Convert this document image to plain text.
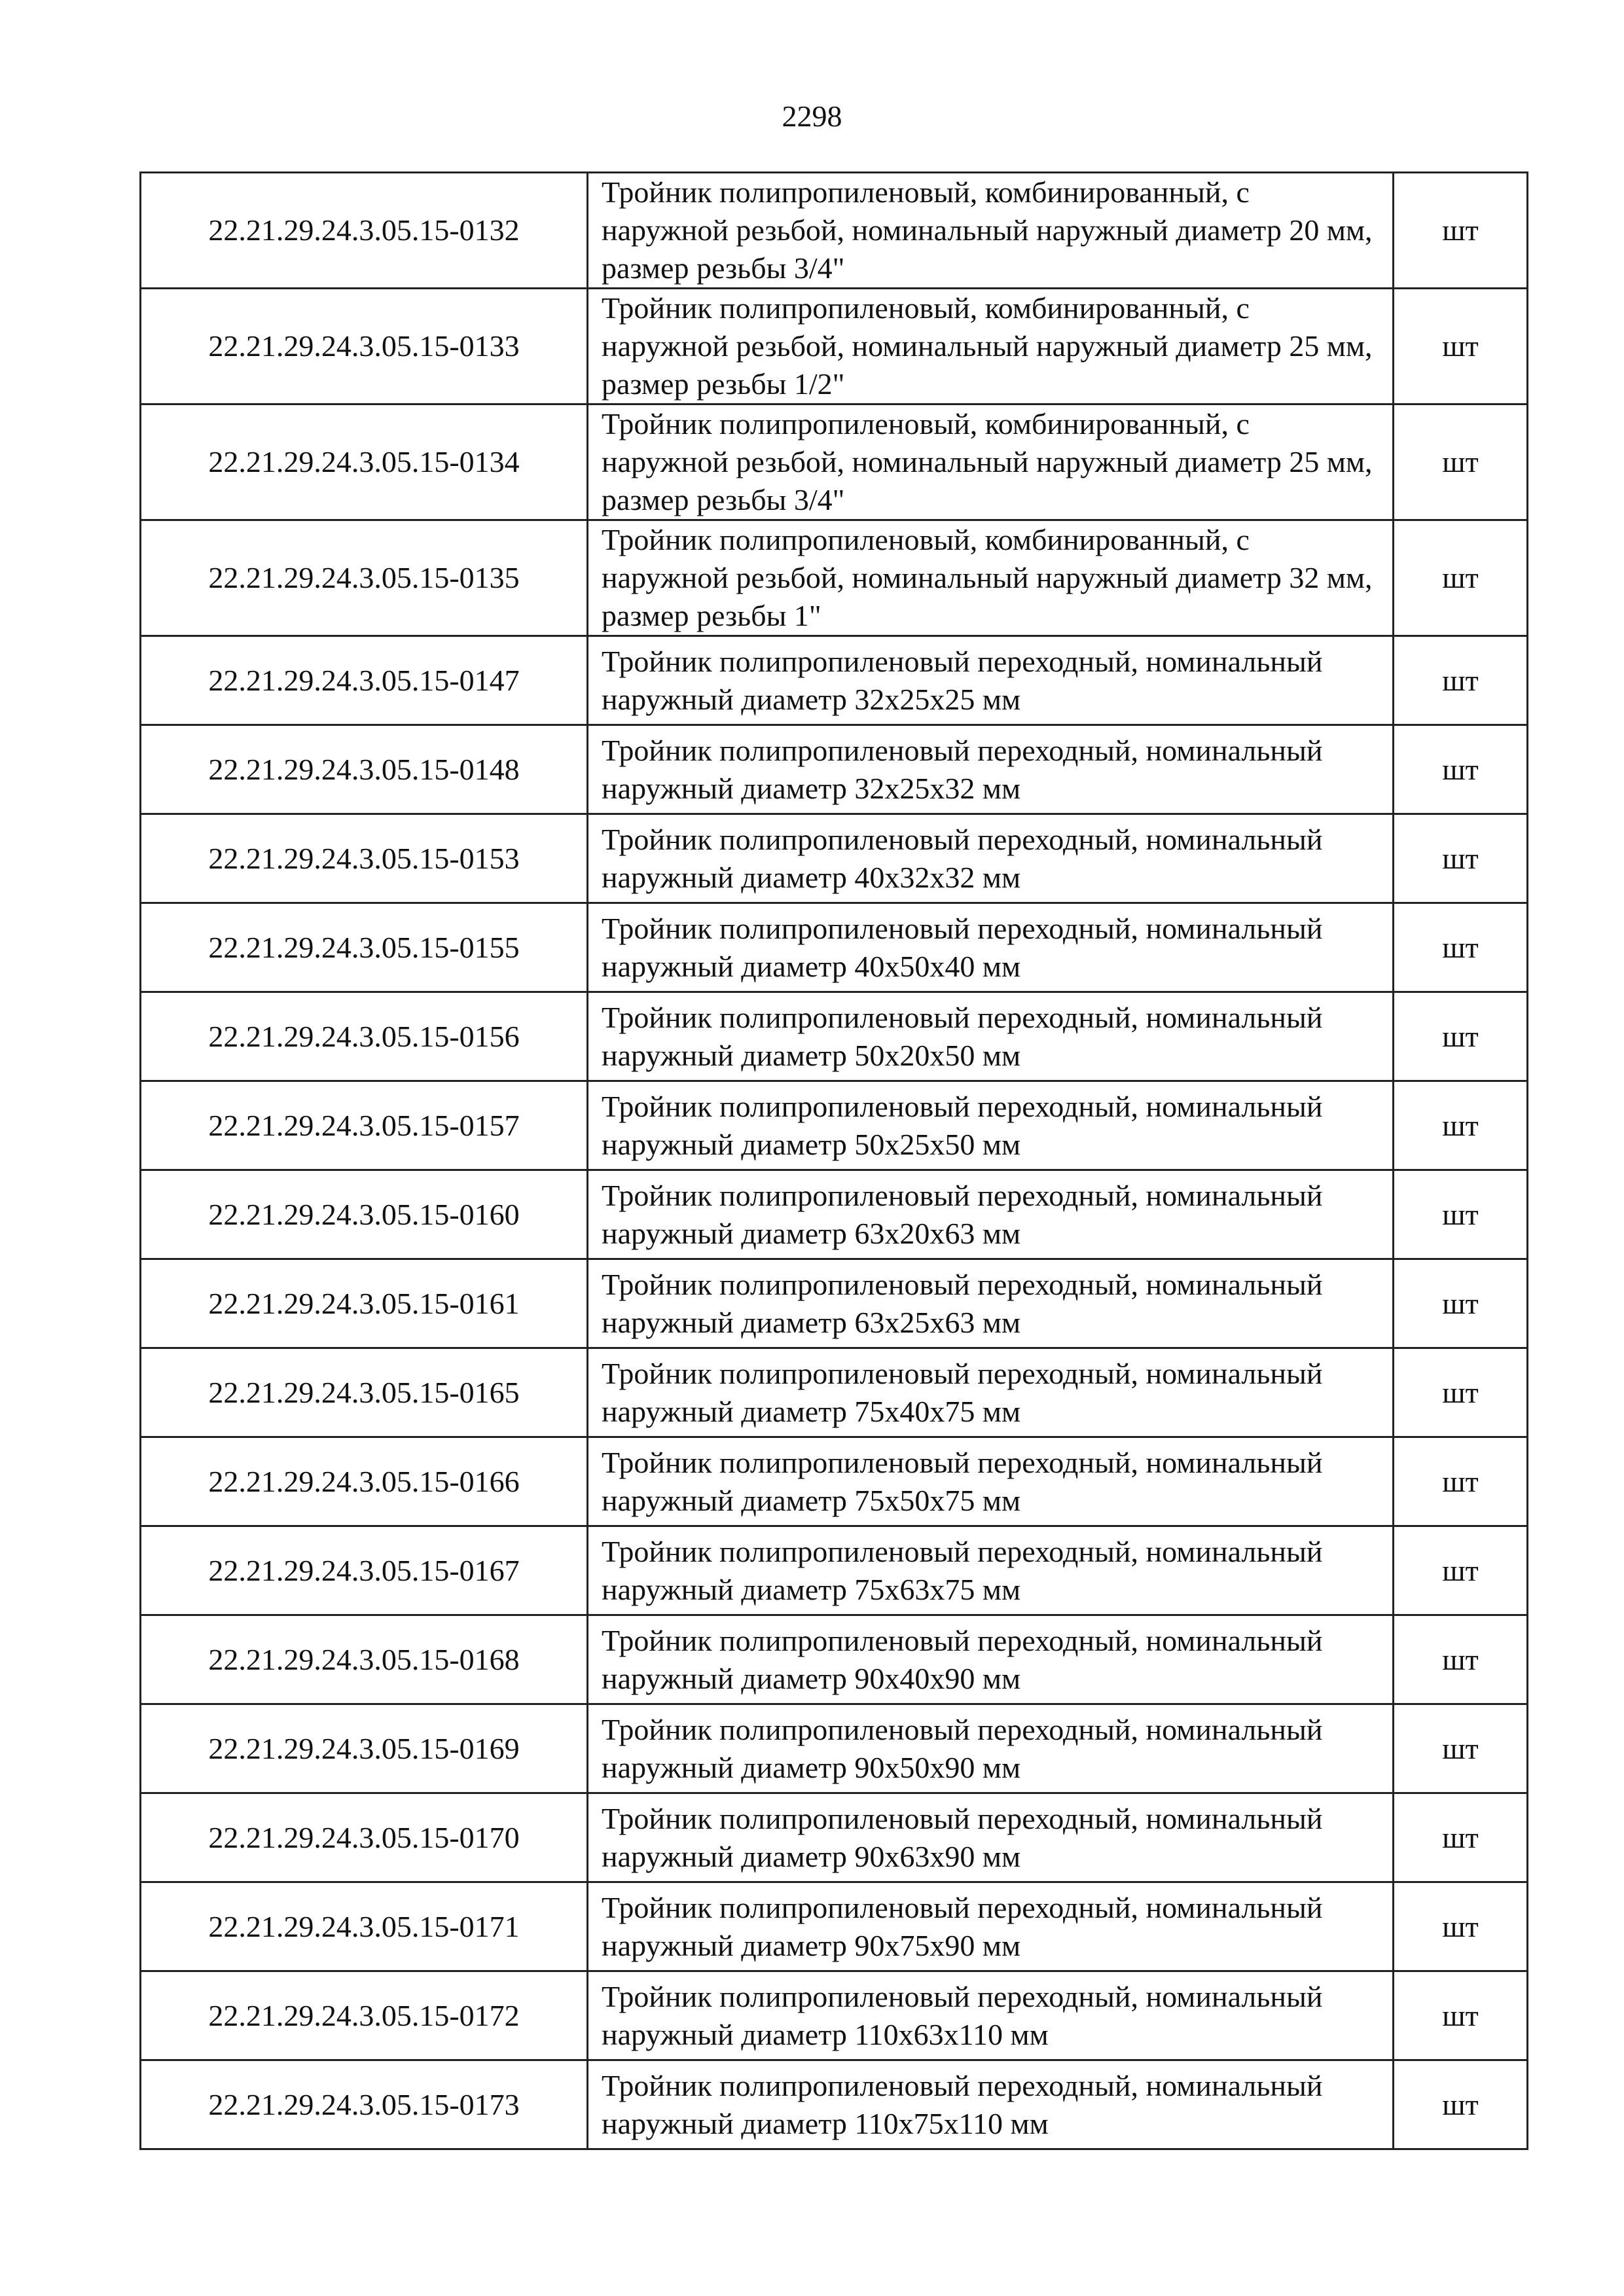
2298
22.21.29.24.3.05.15-0132	Тройник полипропиленовый, комбинированный, с наружной резьбой, номинальный наружный диаметр 20 мм, размер резьбы 3/4"	шт
22.21.29.24.3.05.15-0133	Тройник полипропиленовый, комбинированный, с наружной резьбой, номинальный наружный диаметр 25 мм, размер резьбы 1/2"	шт
22.21.29.24.3.05.15-0134	Тройник полипропиленовый, комбинированный, с наружной резьбой, номинальный наружный диаметр 25 мм, размер резьбы 3/4"	шт
22.21.29.24.3.05.15-0135	Тройник полипропиленовый, комбинированный, с наружной резьбой, номинальный наружный диаметр 32 мм, размер резьбы 1"	шт
22.21.29.24.3.05.15-0147	Тройник полипропиленовый переходный, номинальный наружный диаметр 32x25x25 мм	шт
22.21.29.24.3.05.15-0148	Тройник полипропиленовый переходный, номинальный наружный диаметр 32x25x32 мм	шт
22.21.29.24.3.05.15-0153	Тройник полипропиленовый переходный, номинальный наружный диаметр 40x32x32 мм	шт
22.21.29.24.3.05.15-0155	Тройник полипропиленовый переходный, номинальный наружный диаметр 40x50x40 мм	шт
22.21.29.24.3.05.15-0156	Тройник полипропиленовый переходный, номинальный наружный диаметр 50x20x50 мм	шт
22.21.29.24.3.05.15-0157	Тройник полипропиленовый переходный, номинальный наружный диаметр 50x25x50 мм	шт
22.21.29.24.3.05.15-0160	Тройник полипропиленовый переходный, номинальный наружный диаметр 63x20x63 мм	шт
22.21.29.24.3.05.15-0161	Тройник полипропиленовый переходный, номинальный наружный диаметр 63x25x63 мм	шт
22.21.29.24.3.05.15-0165	Тройник полипропиленовый переходный, номинальный наружный диаметр 75x40x75 мм	шт
22.21.29.24.3.05.15-0166	Тройник полипропиленовый переходный, номинальный наружный диаметр 75x50x75 мм	шт
22.21.29.24.3.05.15-0167	Тройник полипропиленовый переходный, номинальный наружный диаметр 75x63x75 мм	шт
22.21.29.24.3.05.15-0168	Тройник полипропиленовый переходный, номинальный наружный диаметр 90x40x90 мм	шт
22.21.29.24.3.05.15-0169	Тройник полипропиленовый переходный, номинальный наружный диаметр 90x50x90 мм	шт
22.21.29.24.3.05.15-0170	Тройник полипропиленовый переходный, номинальный наружный диаметр 90x63x90 мм	шт
22.21.29.24.3.05.15-0171	Тройник полипропиленовый переходный, номинальный наружный диаметр 90x75x90 мм	шт
22.21.29.24.3.05.15-0172	Тройник полипропиленовый переходный, номинальный наружный диаметр 110x63x110 мм	шт
22.21.29.24.3.05.15-0173	Тройник полипропиленовый переходный, номинальный наружный диаметр 110x75x110 мм	шт
